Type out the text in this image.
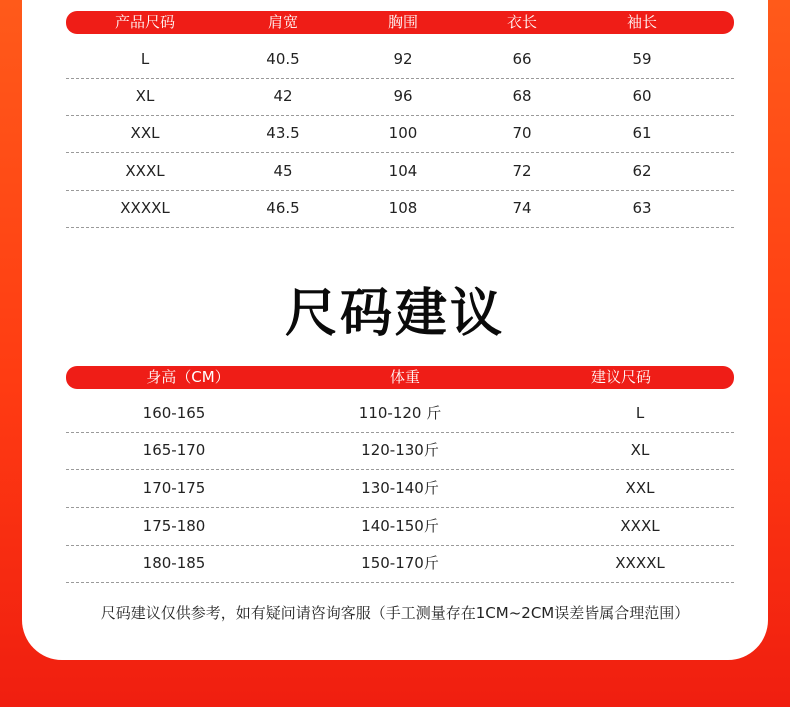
产品尺码	肩宽	胸围	衣长	袖长
L	40.5	92	66	59
XL	42	96	68	60
XXL	43.5	100	70	61
XXXL	45	104	72	62
XXXXL	46.5	108	74	63
尺码建议
身高（CM）	体重	建议尺码
160-165	110-120 斤	L
165-170	120-130斤	XL
170-175	130-140斤	XXL
175-180	140-150斤	XXXL
180-185	150-170斤	XXXXL
尺码建议仅供参考，如有疑问请咨询客服（手工测量存在1CM~2CM误差皆属合理范围）
